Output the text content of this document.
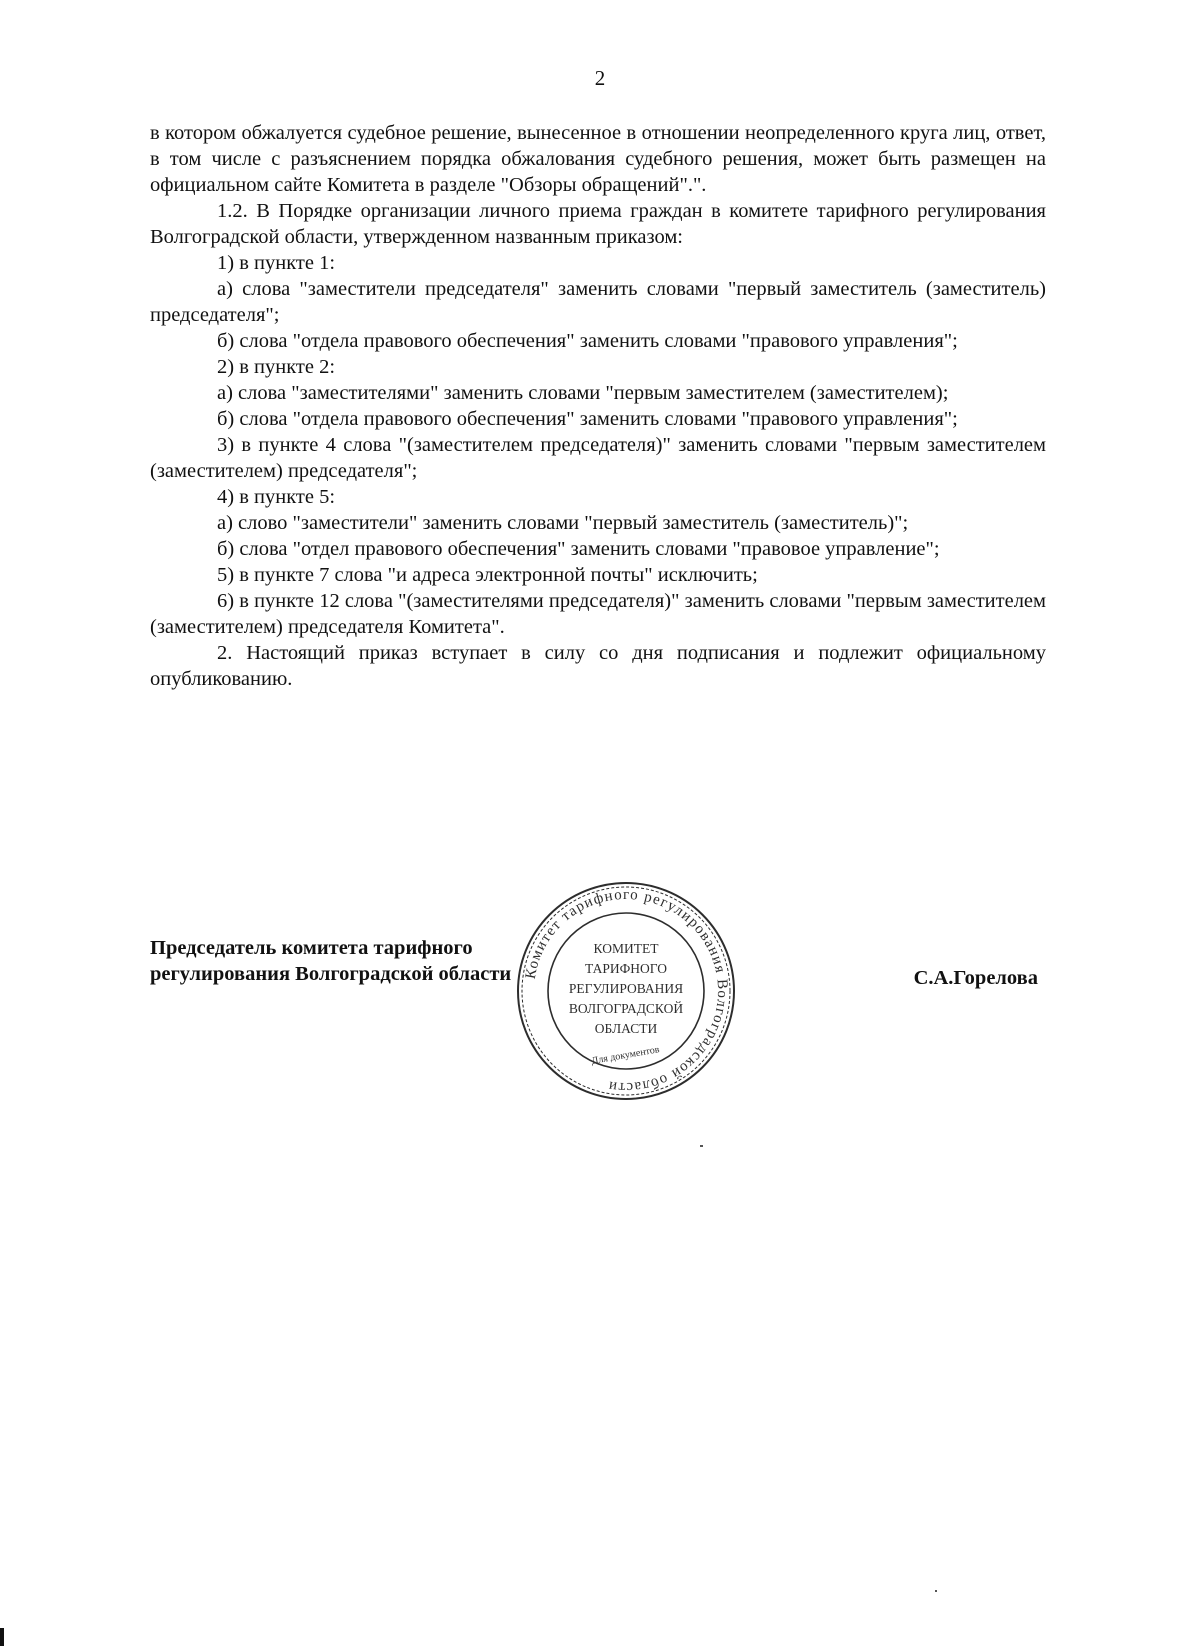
2

в котором обжалуется судебное решение, вынесенное в отношении неопределенного круга лиц, ответ, в том числе с разъяснением порядка обжалования судебного решения, может быть размещен на официальном сайте Комитета в разделе "Обзоры обращений".".

1.2. В Порядке организации личного приема граждан в комитете тарифного регулирования Волгоградской области, утвержденном названным приказом:

1) в пункте 1:

а) слова "заместители председателя" заменить словами "первый заместитель (заместитель) председателя";

б) слова "отдела правового обеспечения" заменить словами "правового управления";

2) в пункте 2:

а) слова "заместителями" заменить словами "первым заместителем (заместителем);

б) слова "отдела правового обеспечения" заменить словами "правового управления";

3) в пункте 4 слова "(заместителем председателя)" заменить словами "первым заместителем (заместителем) председателя";

4) в пункте 5:

а) слово "заместители" заменить словами "первый заместитель (заместитель)";

б) слова "отдел правового обеспечения" заменить словами "правовое управление";

5) в пункте 7 слова "и адреса электронной почты" исключить;

6) в пункте 12 слова "(заместителями председателя)" заменить словами "первым заместителем (заместителем) председателя Комитета".

2. Настоящий приказ вступает в силу со дня подписания и подлежит официальному опубликованию.

Председатель комитета тарифного
регулирования Волгоградской области	С.А.Горелова
Комитет тарифного регулирования Волгоградской области
КОМИТЕТ
ТАРИФНОГО
РЕГУЛИРОВАНИЯ
ВОЛГОГРАДСКОЙ
ОБЛАСТИ
Для документов
